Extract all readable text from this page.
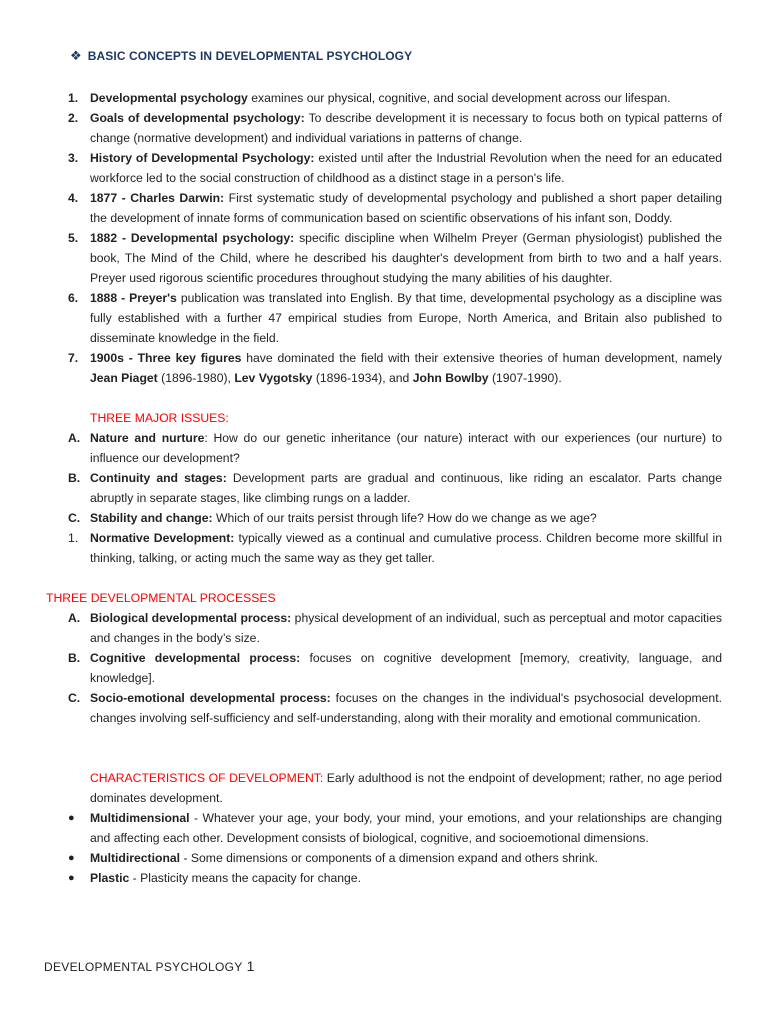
❖ BASIC CONCEPTS IN DEVELOPMENTAL PSYCHOLOGY
1. Developmental psychology examines our physical, cognitive, and social development across our lifespan.
2. Goals of developmental psychology: To describe development it is necessary to focus both on typical patterns of change (normative development) and individual variations in patterns of change.
3. History of Developmental Psychology: existed until after the Industrial Revolution when the need for an educated workforce led to the social construction of childhood as a distinct stage in a person's life.
4. 1877 - Charles Darwin: First systematic study of developmental psychology and published a short paper detailing the development of innate forms of communication based on scientific observations of his infant son, Doddy.
5. 1882 - Developmental psychology: specific discipline when Wilhelm Preyer (German physiologist) published the book, The Mind of the Child, where he described his daughter's development from birth to two and a half years. Preyer used rigorous scientific procedures throughout studying the many abilities of his daughter.
6. 1888 - Preyer's publication was translated into English. By that time, developmental psychology as a discipline was fully established with a further 47 empirical studies from Europe, North America, and Britain also published to disseminate knowledge in the field.
7. 1900s - Three key figures have dominated the field with their extensive theories of human development, namely Jean Piaget (1896-1980), Lev Vygotsky (1896-1934), and John Bowlby (1907-1990).
THREE MAJOR ISSUES:
A. Nature and nurture: How do our genetic inheritance (our nature) interact with our experiences (our nurture) to influence our development?
B. Continuity and stages: Development parts are gradual and continuous, like riding an escalator. Parts change abruptly in separate stages, like climbing rungs on a ladder.
C. Stability and change: Which of our traits persist through life? How do we change as we age?
1. Normative Development: typically viewed as a continual and cumulative process. Children become more skillful in thinking, talking, or acting much the same way as they get taller.
THREE DEVELOPMENTAL PROCESSES
A. Biological developmental process: physical development of an individual, such as perceptual and motor capacities and changes in the body’s size.
B. Cognitive developmental process: focuses on cognitive development [memory, creativity, language, and knowledge].
C. Socio-emotional developmental process: focuses on the changes in the individual's psychosocial development. changes involving self-sufficiency and self-understanding, along with their morality and emotional communication.
CHARACTERISTICS OF DEVELOPMENT: Early adulthood is not the endpoint of development; rather, no age period dominates development.
● Multidimensional - Whatever your age, your body, your mind, your emotions, and your relationships are changing and affecting each other. Development consists of biological, cognitive, and socioemotional dimensions.
● Multidirectional - Some dimensions or components of a dimension expand and others shrink.
● Plastic - Plasticity means the capacity for change.
DEVELOPMENTAL PSYCHOLOGY 1
